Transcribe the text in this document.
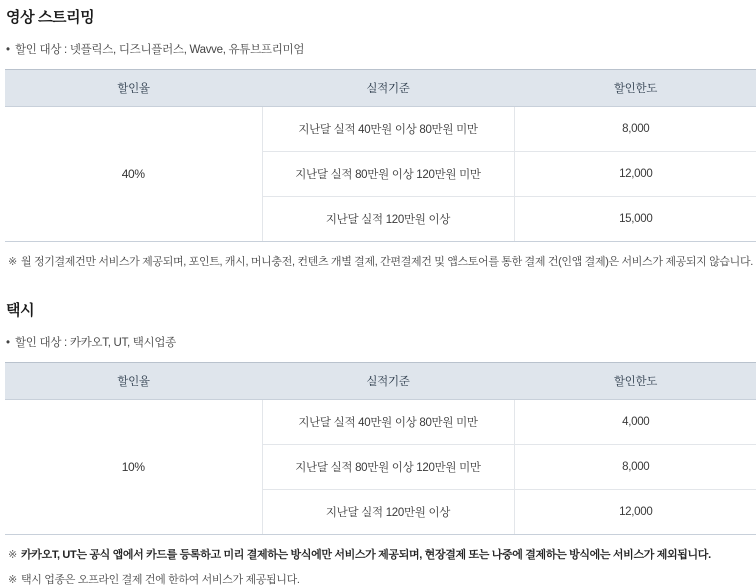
영상 스트리밍
• 할인 대상 : 넷플릭스, 디즈니플러스, Wavve, 유튜브프리미엄
할인율	실적기준	할인한도
40%	지난달 실적 40만원 이상 80만원 미만	8,000
	지난달 실적 80만원 이상 120만원 미만	12,000
	지난달 실적 120만원 이상	15,000
※ 월 정기결제건만 서비스가 제공되며, 포인트, 캐시, 머니충전, 컨텐츠 개별 결제, 간편결제건 및 앱스토어를 통한 결제 건(인앱 결제)은 서비스가 제공되지 않습니다.
택시
• 할인 대상 : 카카오T, UT, 택시업종
할인율	실적기준	할인한도
10%	지난달 실적 40만원 이상 80만원 미만	4,000
	지난달 실적 80만원 이상 120만원 미만	8,000
	지난달 실적 120만원 이상	12,000
※ 카카오T, UT는 공식 앱에서 카드를 등록하고 미리 결제하는 방식에만 서비스가 제공되며, 현장결제 또는 나중에 결제하는 방식에는 서비스가 제외됩니다.
※ 택시 업종은 오프라인 결제 건에 한하여 서비스가 제공됩니다.
